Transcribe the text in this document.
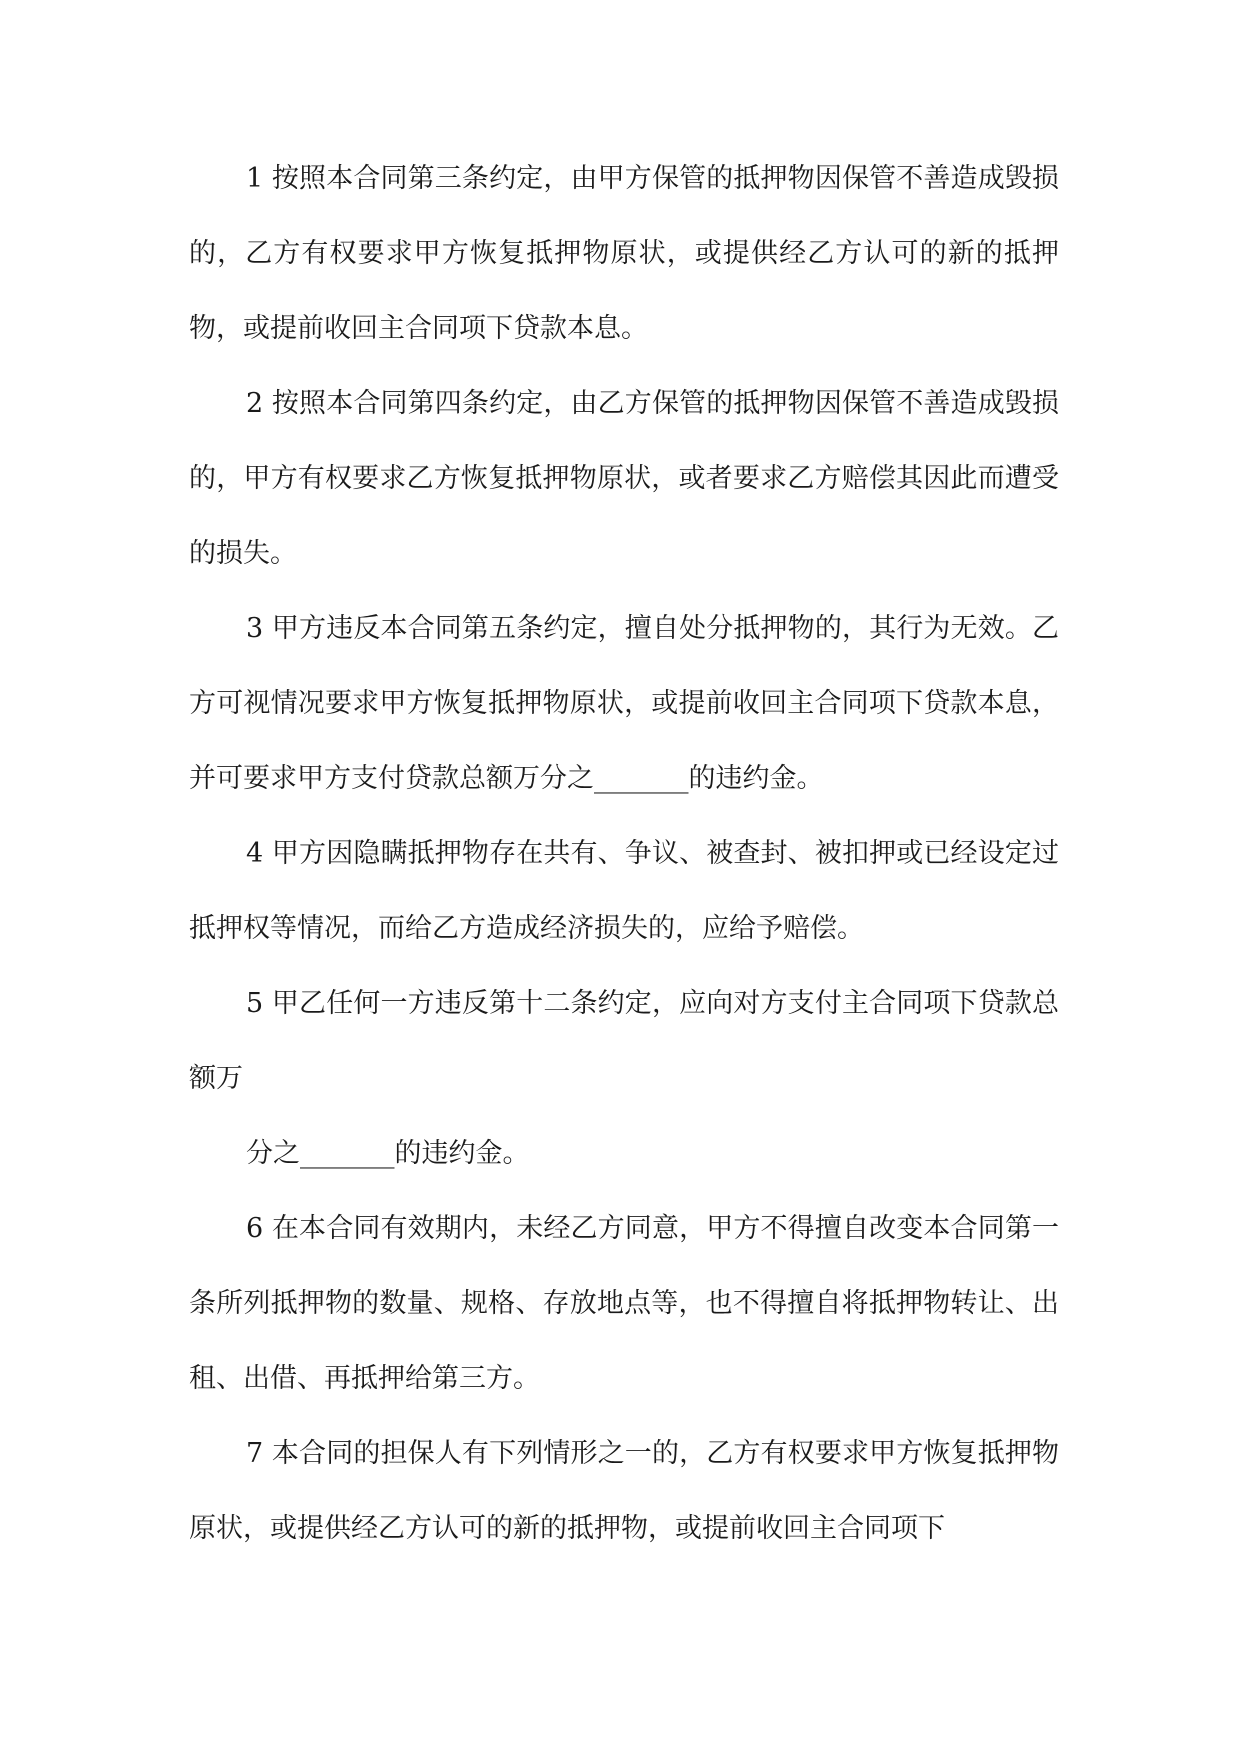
1 按照本合同第三条约定，由甲方保管的抵押物因保管不善造成毁损的，乙方有权要求甲方恢复抵押物原状，或提供经乙方认可的新的抵押物，或提前收回主合同项下贷款本息。

2 按照本合同第四条约定，由乙方保管的抵押物因保管不善造成毁损的，甲方有权要求乙方恢复抵押物原状，或者要求乙方赔偿其因此而遭受的损失。

3 甲方违反本合同第五条约定，擅自处分抵押物的，其行为无效。乙方可视情况要求甲方恢复抵押物原状，或提前收回主合同项下贷款本息，并可要求甲方支付贷款总额万分之_______的违约金。

4 甲方因隐瞒抵押物存在共有、争议、被查封、被扣押或已经设定过抵押权等情况，而给乙方造成经济损失的，应给予赔偿。

5 甲乙任何一方违反第十二条约定，应向对方支付主合同项下贷款总额万

分之_______的违约金。

6 在本合同有效期内，未经乙方同意，甲方不得擅自改变本合同第一条所列抵押物的数量、规格、存放地点等，也不得擅自将抵押物转让、出租、出借、再抵押给第三方。

7 本合同的担保人有下列情形之一的，乙方有权要求甲方恢复抵押物原状，或提供经乙方认可的新的抵押物，或提前收回主合同项下
